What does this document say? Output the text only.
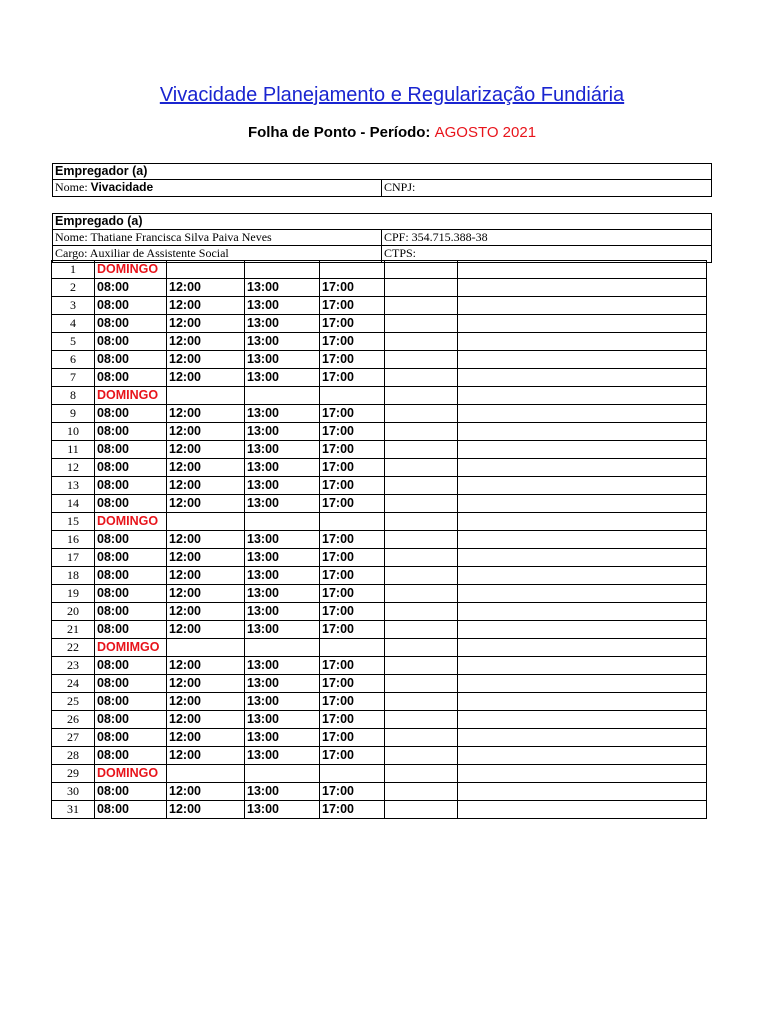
Vivacidade Planejamento e Regularização Fundiária
Folha de Ponto - Período: AGOSTO 2021
Empregador (a)
Nome: Vivacidade	CNPJ:
Empregado (a)
Nome: Thatiane Francisca Silva Paiva Neves	CPF: 354.715.388-38
Cargo: Auxiliar de Assistente Social	CTPS:
1	DOMINGO					
2	08:00	12:00	13:00	17:00		
3	08:00	12:00	13:00	17:00		
4	08:00	12:00	13:00	17:00		
5	08:00	12:00	13:00	17:00		
6	08:00	12:00	13:00	17:00		
7	08:00	12:00	13:00	17:00		
8	DOMINGO					
9	08:00	12:00	13:00	17:00		
10	08:00	12:00	13:00	17:00		
11	08:00	12:00	13:00	17:00		
12	08:00	12:00	13:00	17:00		
13	08:00	12:00	13:00	17:00		
14	08:00	12:00	13:00	17:00		
15	DOMINGO					
16	08:00	12:00	13:00	17:00		
17	08:00	12:00	13:00	17:00		
18	08:00	12:00	13:00	17:00		
19	08:00	12:00	13:00	17:00		
20	08:00	12:00	13:00	17:00		
21	08:00	12:00	13:00	17:00		
22	DOMIMGO					
23	08:00	12:00	13:00	17:00		
24	08:00	12:00	13:00	17:00		
25	08:00	12:00	13:00	17:00		
26	08:00	12:00	13:00	17:00		
27	08:00	12:00	13:00	17:00		
28	08:00	12:00	13:00	17:00		
29	DOMINGO					
30	08:00	12:00	13:00	17:00		
31	08:00	12:00	13:00	17:00		
